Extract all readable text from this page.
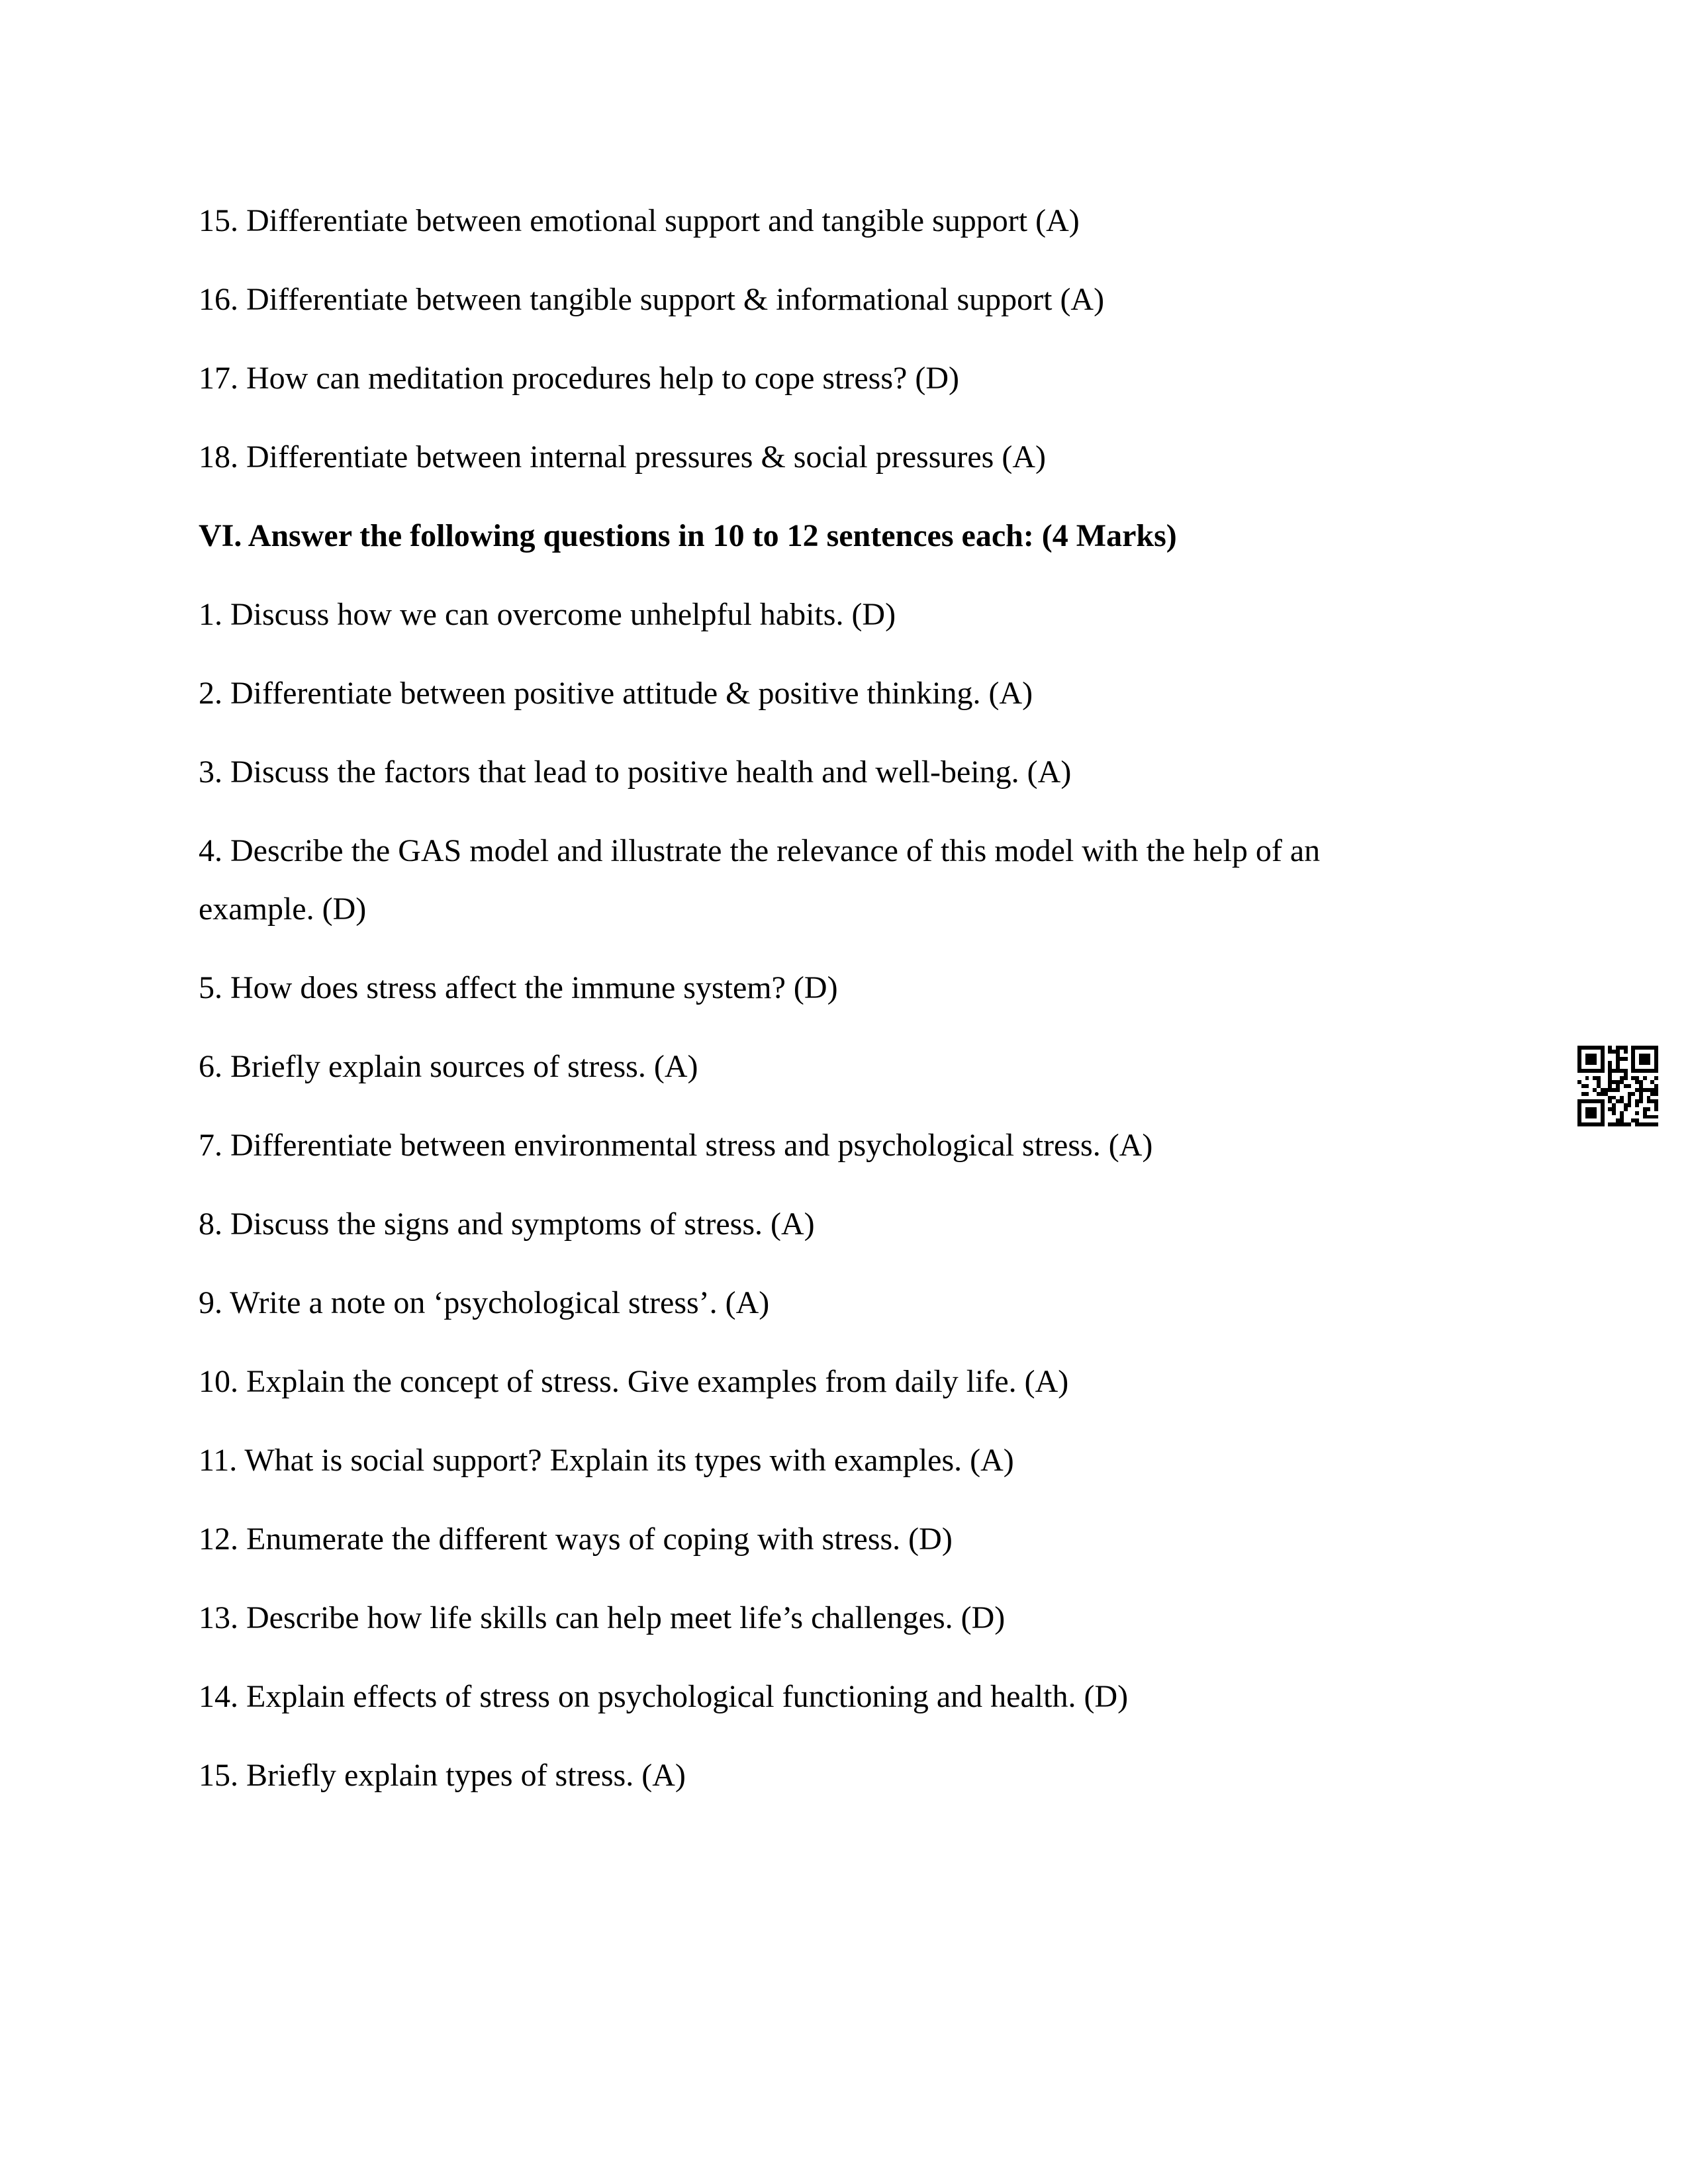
15. Differentiate between emotional support and tangible support (A)
16. Differentiate between tangible support & informational support (A)
17. How can meditation procedures help to cope stress? (D)
18. Differentiate between internal pressures & social pressures (A)
VI. Answer the following questions in 10 to 12 sentences each: (4 Marks)
1. Discuss how we can overcome unhelpful habits. (D)
2. Differentiate between positive attitude & positive thinking. (A)
3. Discuss the factors that lead to positive health and well-being. (A)
4. Describe the GAS model and illustrate the relevance of this model with the help of an example. (D)
5. How does stress affect the immune system? (D)
6. Briefly explain sources of stress. (A)
7. Differentiate between environmental stress and psychological stress. (A)
8. Discuss the signs and symptoms of stress. (A)
9. Write a note on ‘psychological stress’. (A)
10. Explain the concept of stress. Give examples from daily life. (A)
11. What is social support? Explain its types with examples. (A)
12. Enumerate the different ways of coping with stress. (D)
13. Describe how life skills can help meet life’s challenges. (D)
14. Explain effects of stress on psychological functioning and health. (D)
15. Briefly explain types of stress. (A)
